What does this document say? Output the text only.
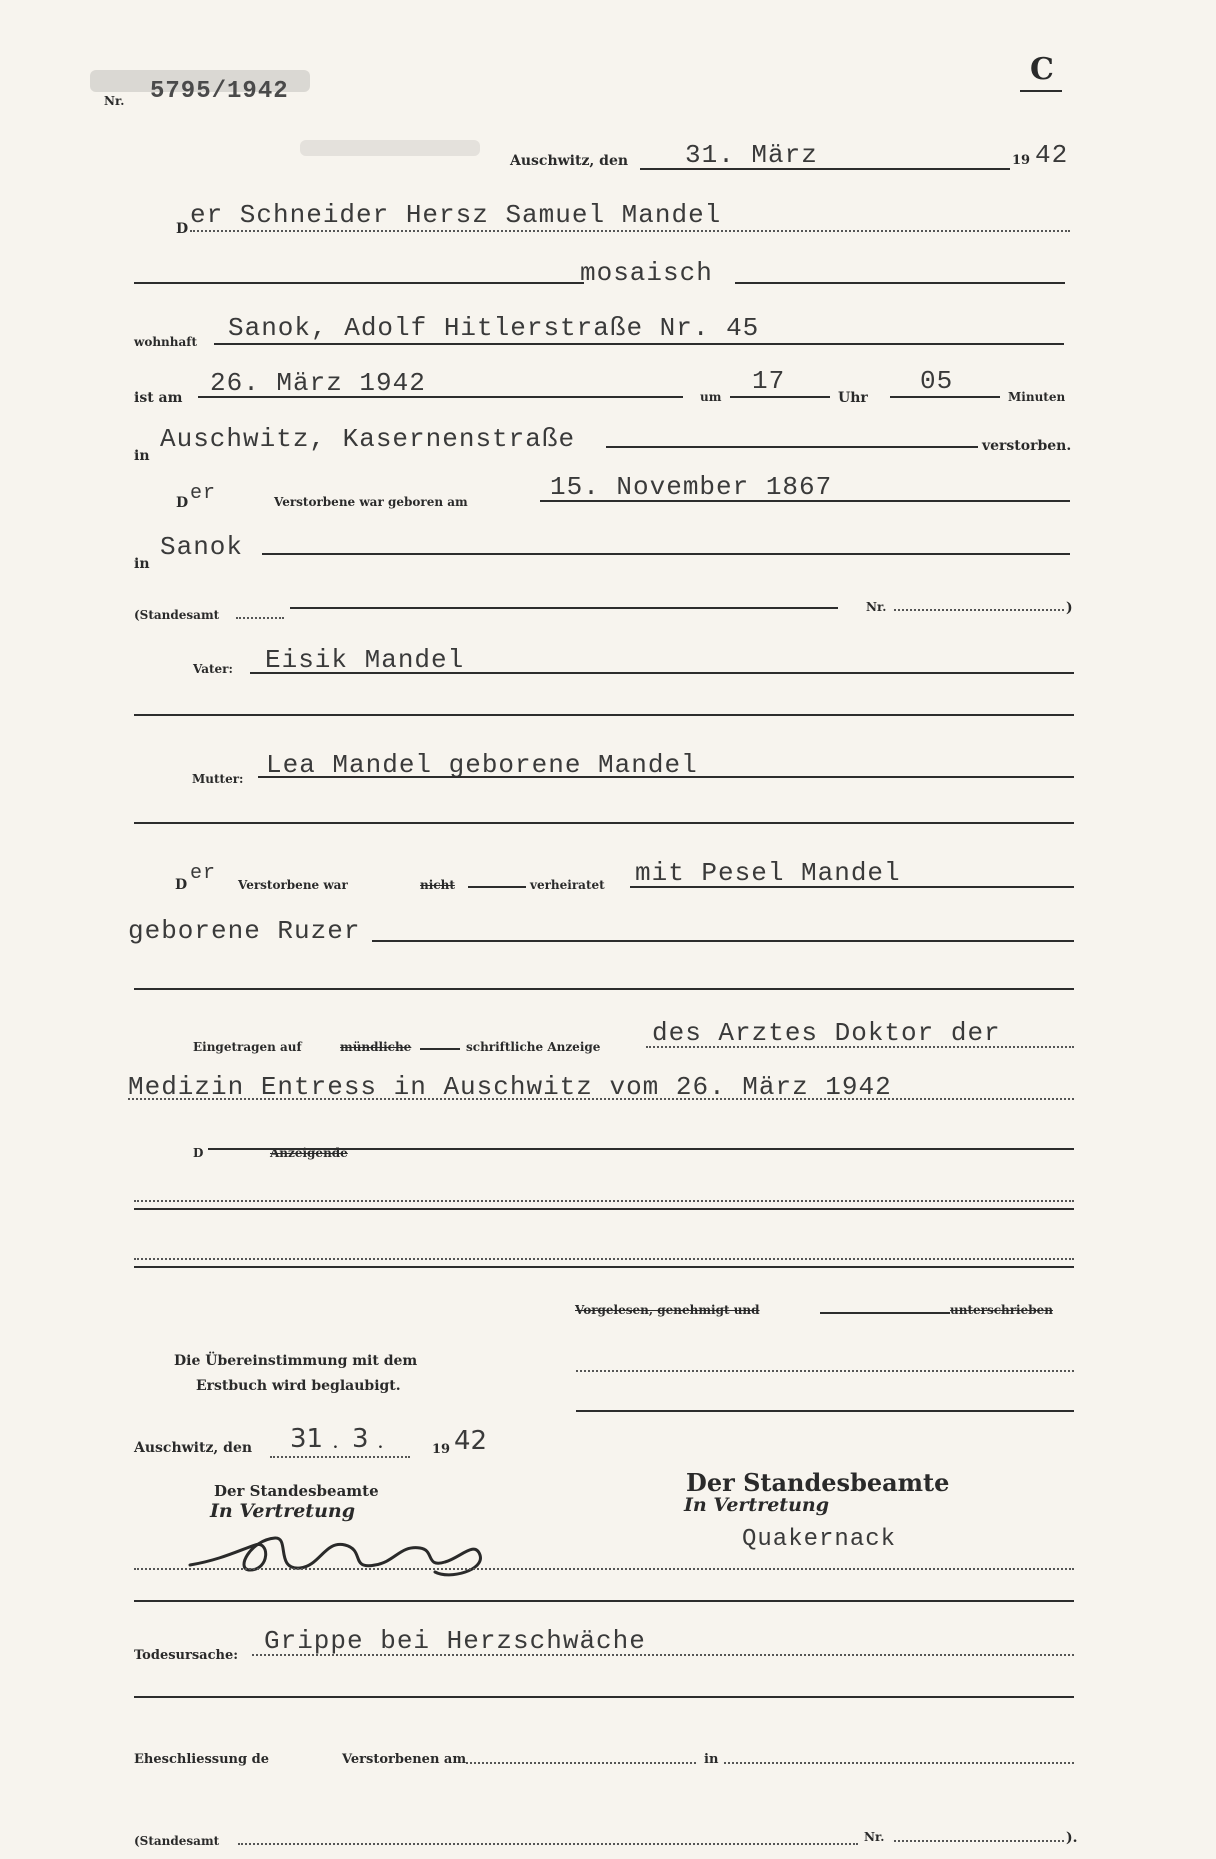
C
Nr. 5795/1942
Auschwitz, den 31. März	19 42
D er Schneider Hersz Samuel Mandel
mosaisch
wohnhaft Sanok, Adolf Hitlerstraße Nr. 45
ist am 26. März 1942	um
17
Uhr
05
Minuten
in
Auschwitz, Kasernenstraße	verstorben.
D er	Verstorbene war geboren am	15. November 1867
in
Sanok
(Standesamt
Nr.	)
Vater: Eisik Mandel
Mutter: Lea Mandel geborene Mandel
D er Verstorbene war	nicht	verheiratet mit Pesel Mandel
geborene Ruzer
Eingetragen auf	mündliche	schriftliche Anzeige des Arztes Doktor der
Medizin Entress in Auschwitz vom 26. März 1942
D	Anzeigende
Vorgelesen, genehmigt und	unterschrieben
Die Übereinstimmung mit dem
Erstbuch wird beglaubigt.
Auschwitz, den 31 . 3 .	19 42
Der Standesbeamte
In Vertretung
Der Standesbeamte
In Vertretung
Quakernack
Todesursache: Grippe bei Herzschwäche
Eheschliessung de	Verstorbenen am	in
(Standesamt	Nr.	).
